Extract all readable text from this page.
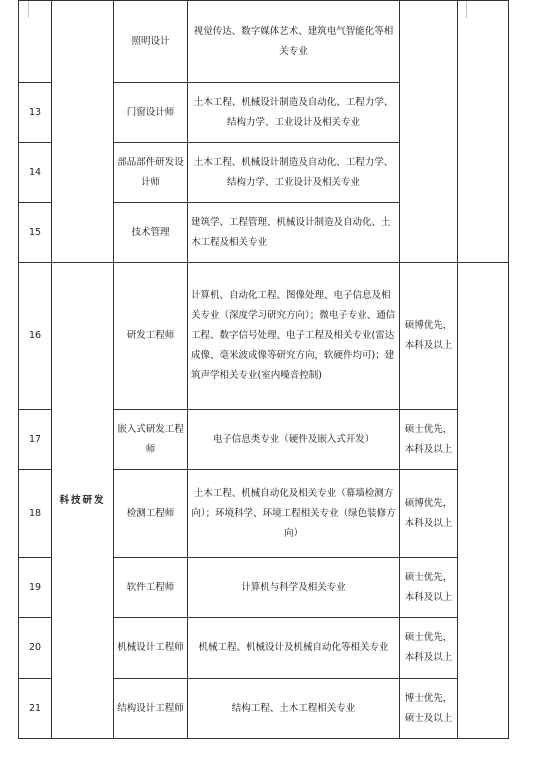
		照明设计	视觉传达、数字媒体艺术、建筑电气智能化等相关专业		
13		门窗设计师	土木工程、机械设计制造及自动化、工程力学、结构力学、工业设计及相关专业		
14		部品部件研发设计师	土木工程、机械设计制造及自动化、工程力学、结构力学、工业设计及相关专业		
15		技术管理	建筑学、工程管理、机械设计制造及自动化、土木工程及相关专业		
16	科技研发	研发工程师	计算机、自动化工程、图像处理、电子信息及相关专业（深度学习研究方向）；微电子专业、通信工程、数字信号处理、电子工程及相关专业(雷达成像、毫米波成像等研究方向，软硬件均可)；建筑声学相关专业(室内噪音控制)	硕博优先，本科及以上	
17		嵌入式研发工程师	电子信息类专业（硬件及嵌入式开发）	硕士优先，本科及以上	
18		检测工程师	土木工程、机械自动化及相关专业（幕墙检测方向）；环境科学、环境工程相关专业（绿色装修方向）	硕博优先，本科及以上	
19		软件工程师	计算机与科学及相关专业	硕士优先，本科及以上	
20		机械设计工程师	机械工程、机械设计及机械自动化等相关专业	硕士优先，本科及以上	
21		结构设计工程师	结构工程、土木工程相关专业	博士优先，硕士及以上	
